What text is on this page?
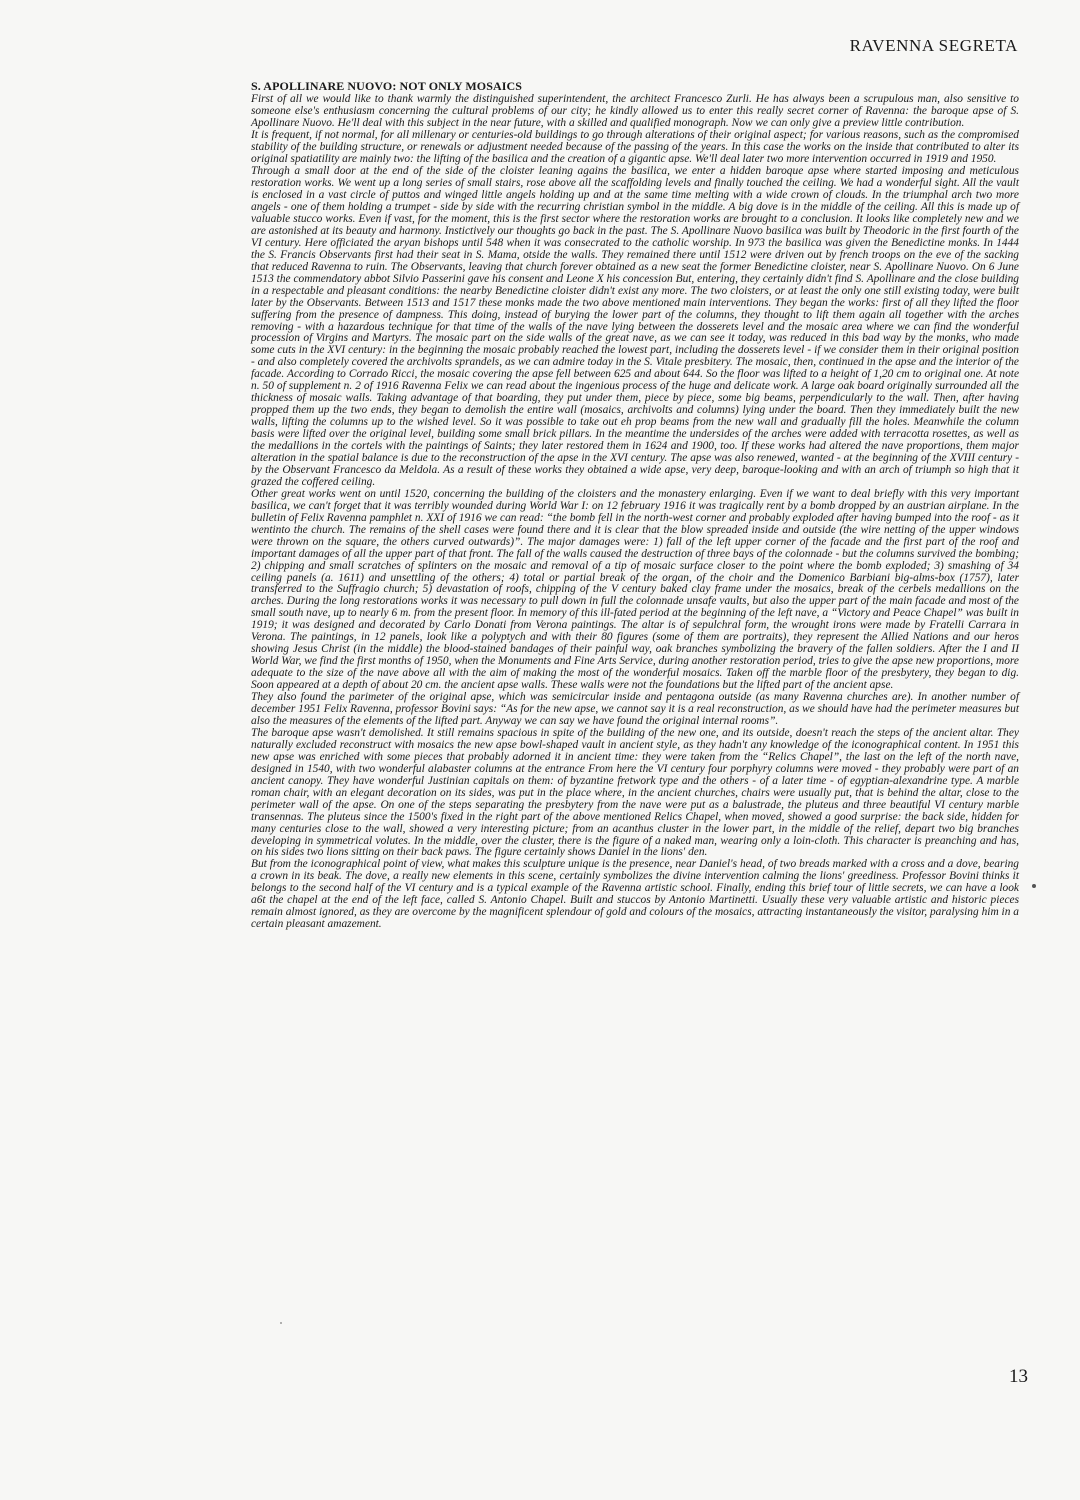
RAVENNA SEGRETA
S. APOLLINARE NUOVO: NOT ONLY MOSAICS

First of all we would like to thank warmly the distinguished superintendent, the architect Francesco Zurli. He has always been a scrupulous man, also sensitive to someone else's enthusiasm concerning the cultural problems of our city; he kindly allowed us to enter this really secret corner of Ravenna: the baroque apse of S. Apollinare Nuovo. He'll deal with this subject in the near future, with a skilled and qualified monograph. Now we can only give a preview little contribution.

It is frequent, if not normal, for all millenary or centuries-old buildings to go through alterations of their original aspect; for various reasons, such as the compromised stability of the building structure, or renewals or adjustment needed because of the passing of the years. In this case the works on the inside that contributed to alter its original spatiatility are mainly two: the lifting of the basilica and the creation of a gigantic apse. We'll deal later two more intervention occurred in 1919 and 1950.

Through a small door at the end of the side of the cloister leaning agains the basilica, we enter a hidden baroque apse where started imposing and meticulous restoration works. We went up a long series of small stairs, rose above all the scaffolding levels and finally touched the ceiling. We had a wonderful sight. All the vault is enclosed in a vast circle of puttos and winged little angels holding up and at the same time melting with a wide crown of clouds. In the triumphal arch two more angels - one of them holding a trumpet - side by side with the recurring christian symbol in the middle. A big dove is in the middle of the ceiling. All this is made up of valuable stucco works. Even if vast, for the moment, this is the first sector where the restoration works are brought to a conclusion. It looks like completely new and we are astonished at its beauty and harmony. Instictively our thoughts go back in the past. The S. Apollinare Nuovo basilica was built by Theodoric in the first fourth of the VI century. Here officiated the aryan bishops until 548 when it was consecrated to the catholic worship. In 973 the basilica was given the Benedictine monks. In 1444 the S. Francis Observants first had their seat in S. Mama, otside the walls. They remained there until 1512 were driven out by french troops on the eve of the sacking that reduced Ravenna to ruin. The Observants, leaving that church forever obtained as a new seat the former Benedictine cloister, near S. Apollinare Nuovo. On 6 June 1513 the commendatory abbot Silvio Passerini gave his consent and Leone X his concession But, entering, they certainly didn't find S. Apollinare and the close building in a respectable and pleasant conditions: the nearby Benedictine cloister didn't exist any more. The two cloisters, or at least the only one still existing today, were built later by the Observants. Between 1513 and 1517 these monks made the two above mentioned main interventions. They began the works: first of all they lifted the floor suffering from the presence of dampness. This doing, instead of burying the lower part of the columns, they thought to lift them again all together with the arches removing - with a hazardous technique for that time of the walls of the nave lying between the dosserets level and the mosaic area where we can find the wonderful procession of Virgins and Martyrs. The mosaic part on the side walls of the great nave, as we can see it today, was reduced in this bad way by the monks, who made some cuts in the XVI century: in the beginning the mosaic probably reached the lowest part, including the dosserets level - if we consider them in their original position - and also completely covered the archivolts sprandels, as we can admire today in the S. Vitale presbitery. The mosaic, then, continued in the apse and the interior of the facade. According to Corrado Ricci, the mosaic covering the apse fell between 625 and about 644. So the floor was lifted to a height of 1,20 cm to original one. At note n. 50 of supplement n. 2 of 1916 Ravenna Felix we can read about the ingenious process of the huge and delicate work. A large oak board originally surrounded all the thickness of mosaic walls. Taking advantage of that boarding, they put under them, piece by piece, some big beams, perpendicularly to the wall. Then, after having propped them up the two ends, they began to demolish the entire wall (mosaics, archivolts and columns) lying under the board. Then they immediately built the new walls, lifting the columns up to the wished level. So it was possible to take out eh prop beams from the new wall and gradually fill the holes. Meanwhile the column basis were lifted over the original level, building some small brick pillars. In the meantime the undersides of the arches were added with terracotta rosettes, as well as the medallions in the cortels with the paintings of Saints; they later restored them in 1624 and 1900, too. If these works had altered the nave proportions, them major alteration in the spatial balance is due to the reconstruction of the apse in the XVI century. The apse was also renewed, wanted - at the beginning of the XVIII century - by the Observant Francesco da Meldola. As a result of these works they obtained a wide apse, very deep, baroque-looking and with an arch of triumph so high that it grazed the coffered ceiling.

Other great works went on until 1520, concerning the building of the cloisters and the monastery enlarging. Even if we want to deal briefly with this very important basilica, we can't forget that it was terribly wounded during World War I: on 12 february 1916 it was tragically rent by a bomb dropped by an austrian airplane. In the bulletin of Felix Ravenna pamphlet n. XXI of 1916 we can read: “the bomb fell in the north-west corner and probably exploded after having bumped into the roof - as it wentinto the church. The remains of the shell cases were found there and it is clear that the blow spreaded inside and outside (the wire netting of the upper windows were thrown on the square, the others curved outwards)”. The major damages were: 1) fall of the left upper corner of the facade and the first part of the roof and important damages of all the upper part of that front. The fall of the walls caused the destruction of three bays of the colonnade - but the columns survived the bombing; 2) chipping and small scratches of splinters on the mosaic and removal of a tip of mosaic surface closer to the point where the bomb exploded; 3) smashing of 34 ceiling panels (a. 1611) and unsettling of the others; 4) total or partial break of the organ, of the choir and the Domenico Barbiani big-alms-box (1757), later transferred to the Suffragio church; 5) devastation of roofs, chipping of the V century baked clay frame under the mosaics, break of the cerbels medallions on the arches. During the long restorations works it was necessary to pull down in full the colonnade unsafe vaults, but also the upper part of the main facade and most of the small south nave, up to nearly 6 m. from the present floor. In memory of this ill-fated period at the beginning of the left nave, a “Victory and Peace Chapel” was built in 1919; it was designed and decorated by Carlo Donati from Verona paintings. The altar is of sepulchral form, the wrought irons were made by Fratelli Carrara in Verona. The paintings, in 12 panels, look like a polyptych and with their 80 figures (some of them are portraits), they represent the Allied Nations and our heros showing Jesus Christ (in the middle) the blood-stained bandages of their painful way, oak branches symbolizing the bravery of the fallen soldiers. After the I and II World War, we find the first months of 1950, when the Monuments and Fine Arts Service, during another restoration period, tries to give the apse new proportions, more adequate to the size of the nave above all with the aim of making the most of the wonderful mosaics. Taken off the marble floor of the presbytery, they began to dig. Soon appeared at a depth of about 20 cm. the ancient apse walls. These walls were not the foundations but the lifted part of the ancient apse.

They also found the parimeter of the original apse, which was semicircular inside and pentagona outside (as many Ravenna churches are). In another number of december 1951 Felix Ravenna, professor Bovini says: “As for the new apse, we cannot say it is a real reconstruction, as we should have had the perimeter measures but also the measures of the elements of the lifted part. Anyway we can say we have found the original internal rooms”.

The baroque apse wasn't demolished. It still remains spacious in spite of the building of the new one, and its outside, doesn't reach the steps of the ancient altar. They naturally excluded reconstruct with mosaics the new apse bowl-shaped vault in ancient style, as they hadn't any knowledge of the iconographical content. In 1951 this new apse was enriched with some pieces that probably adorned it in ancient time: they were taken from the “Relics Chapel”, the last on the left of the north nave, designed in 1540, with two wonderful alabaster columns at the entrance From here the VI century four porphyry columns were moved - they probably were part of an ancient canopy. They have wonderful Justinian capitals on them: of byzantine fretwork type and the others - of a later time - of egyptian-alexandrine type. A marble roman chair, with an elegant decoration on its sides, was put in the place where, in the ancient churches, chairs were usually put, that is behind the altar, close to the perimeter wall of the apse. On one of the steps separating the presbytery from the nave were put as a balustrade, the pluteus and three beautiful VI century marble transennas. The pluteus since the 1500's fixed in the right part of the above mentioned Relics Chapel, when moved, showed a good surprise: the back side, hidden for many centuries close to the wall, showed a very interesting picture; from an acanthus cluster in the lower part, in the middle of the relief, depart two big branches developing in symmetrical volutes. In the middle, over the cluster, there is the figure of a naked man, wearing only a loin-cloth. This character is preanching and has, on his sides two lions sitting on their back paws. The figure certainly shows Daniel in the lions' den.

But from the iconographical point of view, what makes this sculpture unique is the presence, near Daniel's head, of two breads marked with a cross and a dove, bearing a crown in its beak. The dove, a really new elements in this scene, certainly symbolizes the divine intervention calming the lions' greediness. Professor Bovini thinks it belongs to the second half of the VI century and is a typical example of the Ravenna artistic school. Finally, ending this brief tour of little secrets, we can have a look a6t the chapel at the end of the left face, called S. Antonio Chapel. Built and stuccos by Antonio Martinetti. Usually these very valuable artistic and historic pieces remain almost ignored, as they are overcome by the magnificent splendour of gold and colours of the mosaics, attracting instantaneously the visitor, paralysing him in a certain pleasant amazement.

13
